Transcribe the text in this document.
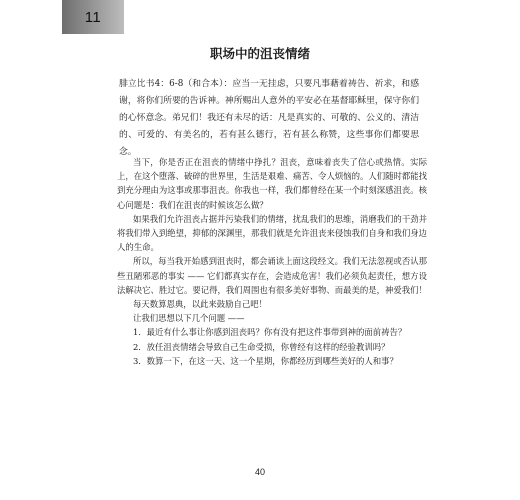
11
职场中的沮丧情绪

腓立比书4：6-8（和合本）：应当一无挂虑，只要凡事藉着祷告、祈求，和感谢，将你们所要的告诉神。神所赐出人意外的平安必在基督耶稣里，保守你们的心怀意念。弟兄们！我还有未尽的话：凡是真实的、可敬的、公义的、清洁的、可爱的、有美名的，若有甚么德行，若有甚么称赞，这些事你们都要思念。

当下，你是否正在沮丧的情绪中挣扎？沮丧，意味着丧失了信心或热情。实际上，在这个堕落、破碎的世界里，生活是艰难、痛苦、令人烦恼的。人们随时都能找到充分理由为这事或那事沮丧。你我也一样，我们都曾经在某一个时刻深感沮丧。核心问题是：我们在沮丧的时候该怎么做？

如果我们允许沮丧占据并污染我们的情绪，扰乱我们的思维，消磨我们的干劲并将我们带入到绝望，抑郁的深渊里，那我们就是允许沮丧来侵蚀我们自身和我们身边人的生命。

所以，每当我开始感到沮丧时，都会诵读上面这段经文。我们无法忽视或否认那些丑陋邪恶的事实 —— 它们都真实存在，会造成危害！我们必须负起责任，想方设法解决它、胜过它。要记得，我们周围也有很多美好事物、而最美的是，神爱我们！

每天数算恩典，以此来鼓励自己吧！

让我们思想以下几个问题 ——

1．最近有什么事让你感到沮丧吗？你有没有把这件事带到神的面前祷告？

2．放任沮丧情绪会导致自己生命受损，你曾经有这样的经验教训吗？

3．数算一下，在这一天、这一个星期，你都经历到哪些美好的人和事？

40
